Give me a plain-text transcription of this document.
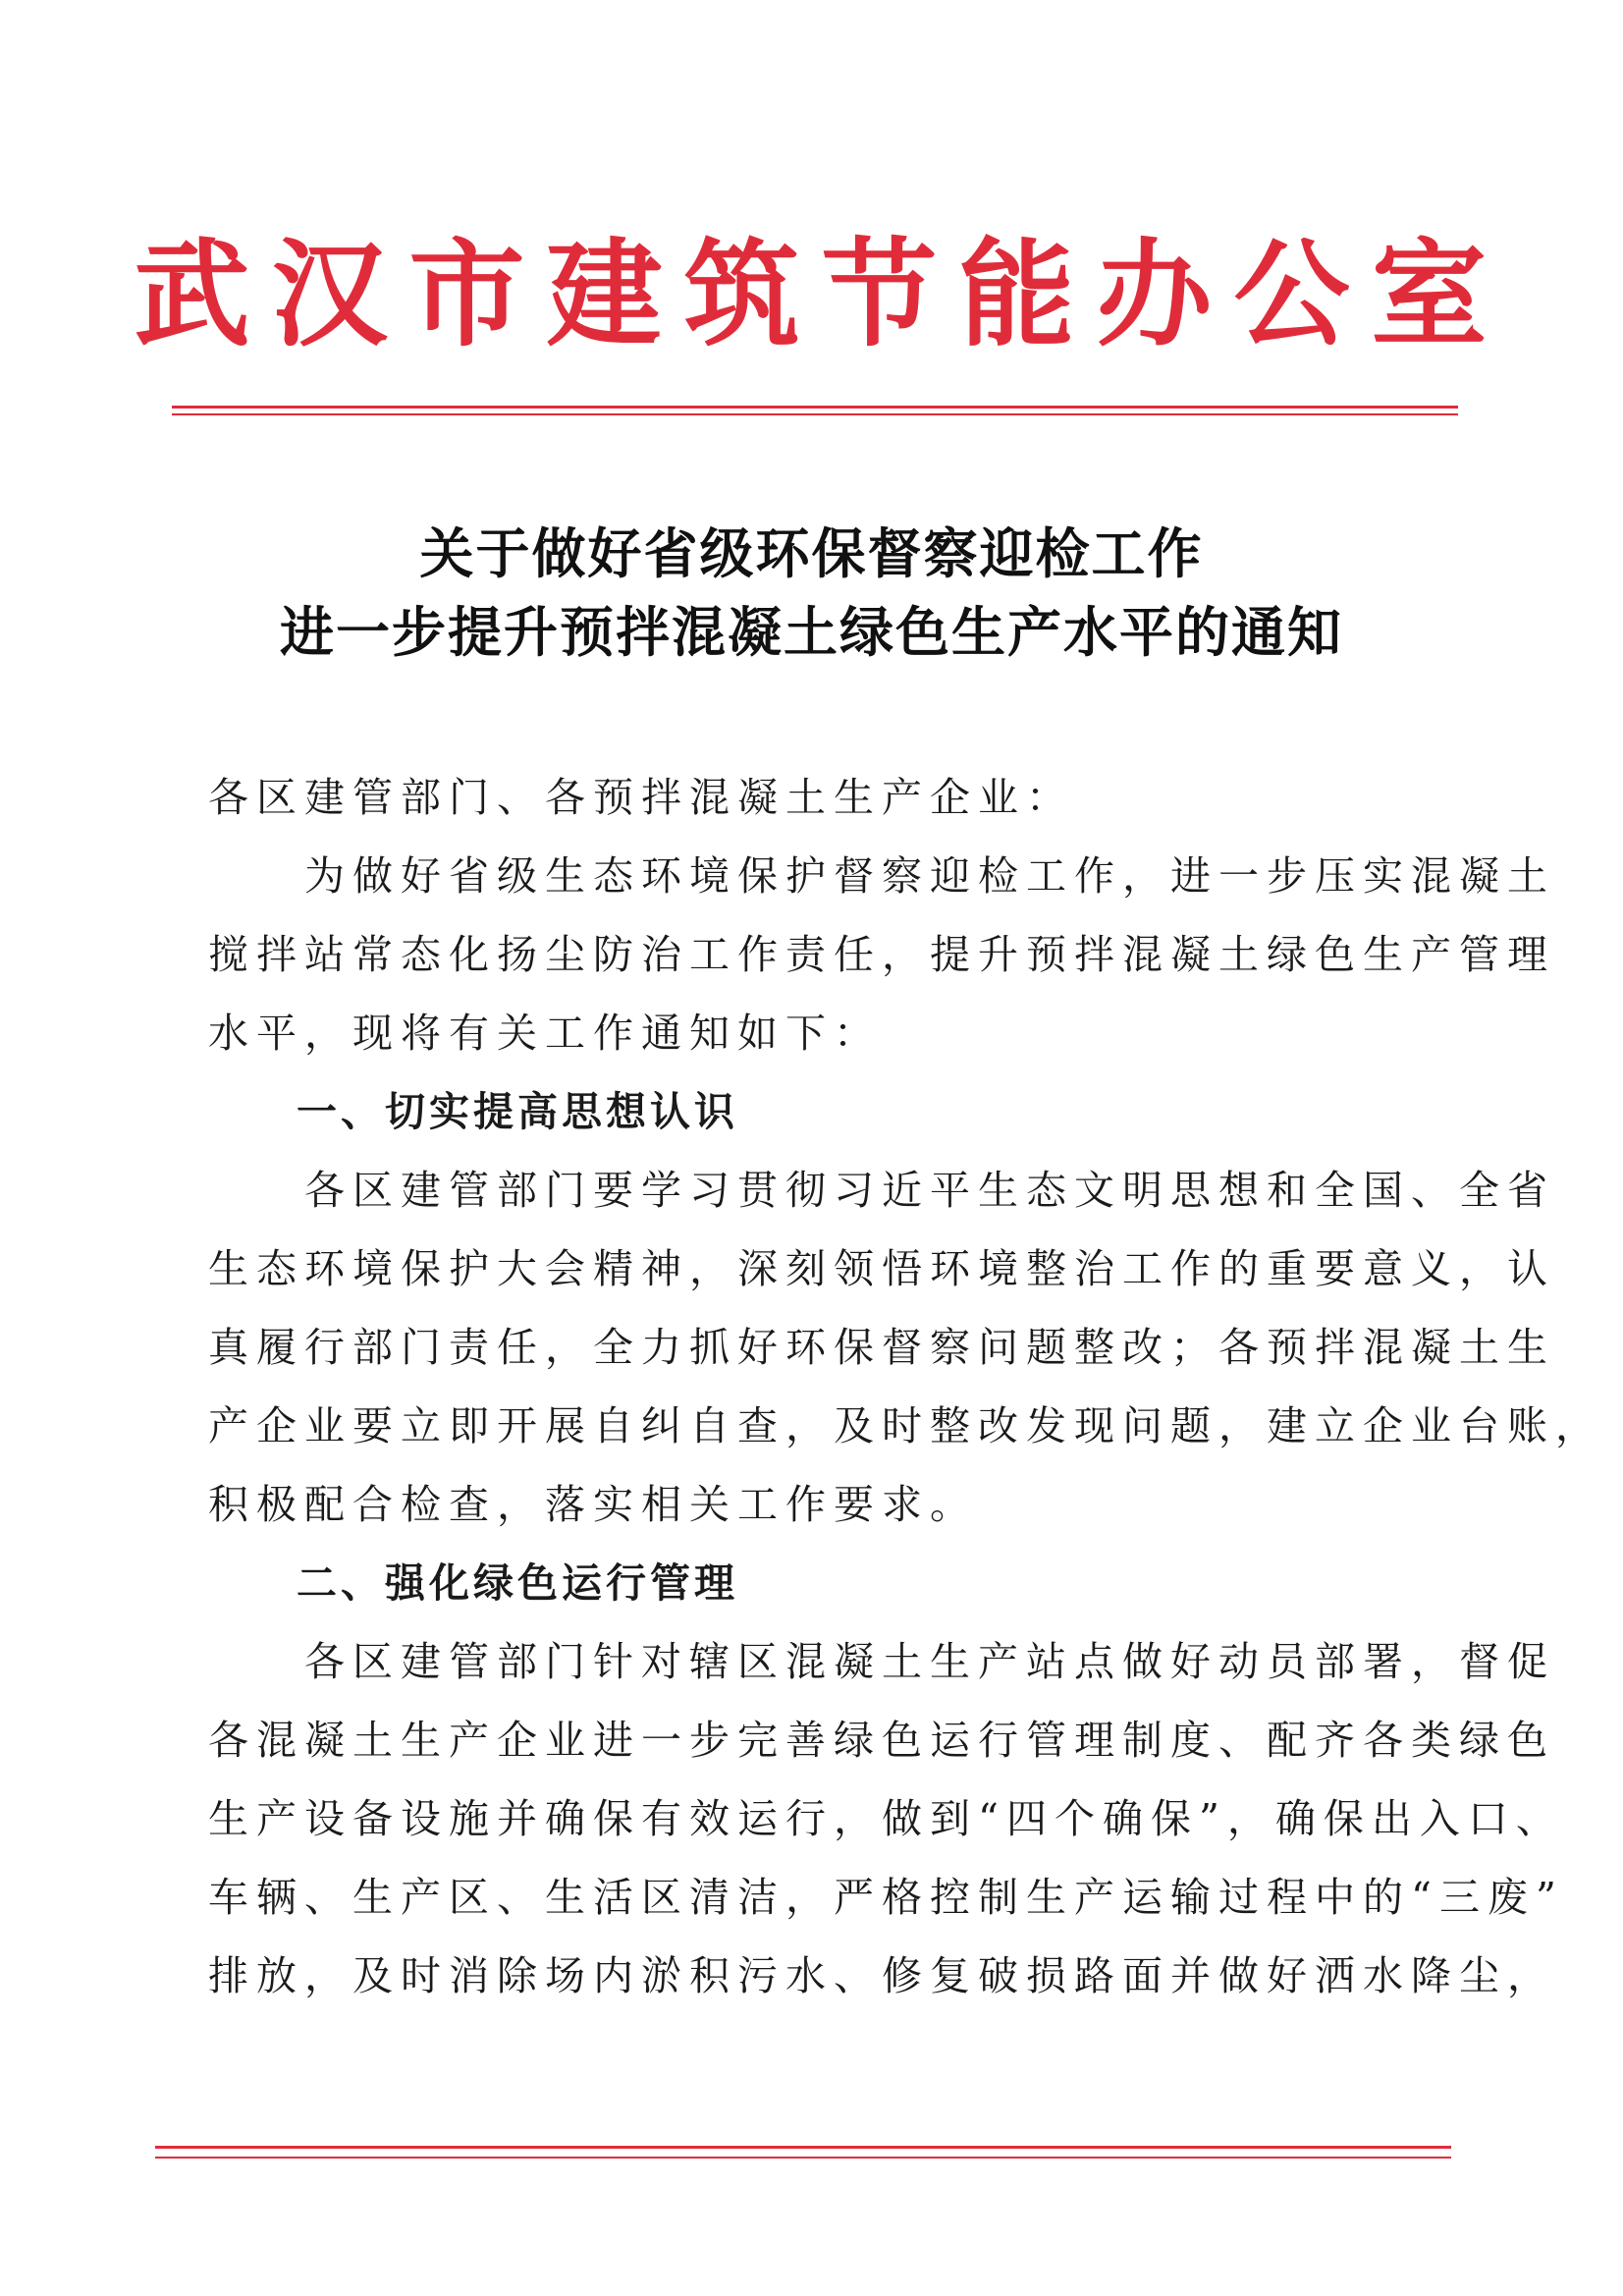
武汉市建筑节能办公室
关于做好省级环保督察迎检工作
进一步提升预拌混凝土绿色生产水平的通知
各区建管部门、各预拌混凝土生产企业：
　　为做好省级生态环境保护督察迎检工作，进一步压实混凝土
搅拌站常态化扬尘防治工作责任，提升预拌混凝土绿色生产管理
水平，现将有关工作通知如下：
　　一、切实提高思想认识
　　各区建管部门要学习贯彻习近平生态文明思想和全国、全省
生态环境保护大会精神，深刻领悟环境整治工作的重要意义，认
真履行部门责任，全力抓好环保督察问题整改；各预拌混凝土生
产企业要立即开展自纠自查，及时整改发现问题，建立企业台账，
积极配合检查，落实相关工作要求。
　　二、强化绿色运行管理
　　各区建管部门针对辖区混凝土生产站点做好动员部署，督促
各混凝土生产企业进一步完善绿色运行管理制度、配齐各类绿色
生产设备设施并确保有效运行，做到“四个确保”，确保出入口、
车辆、生产区、生活区清洁，严格控制生产运输过程中的“三废”
排放，及时消除场内淤积污水、修复破损路面并做好洒水降尘，
